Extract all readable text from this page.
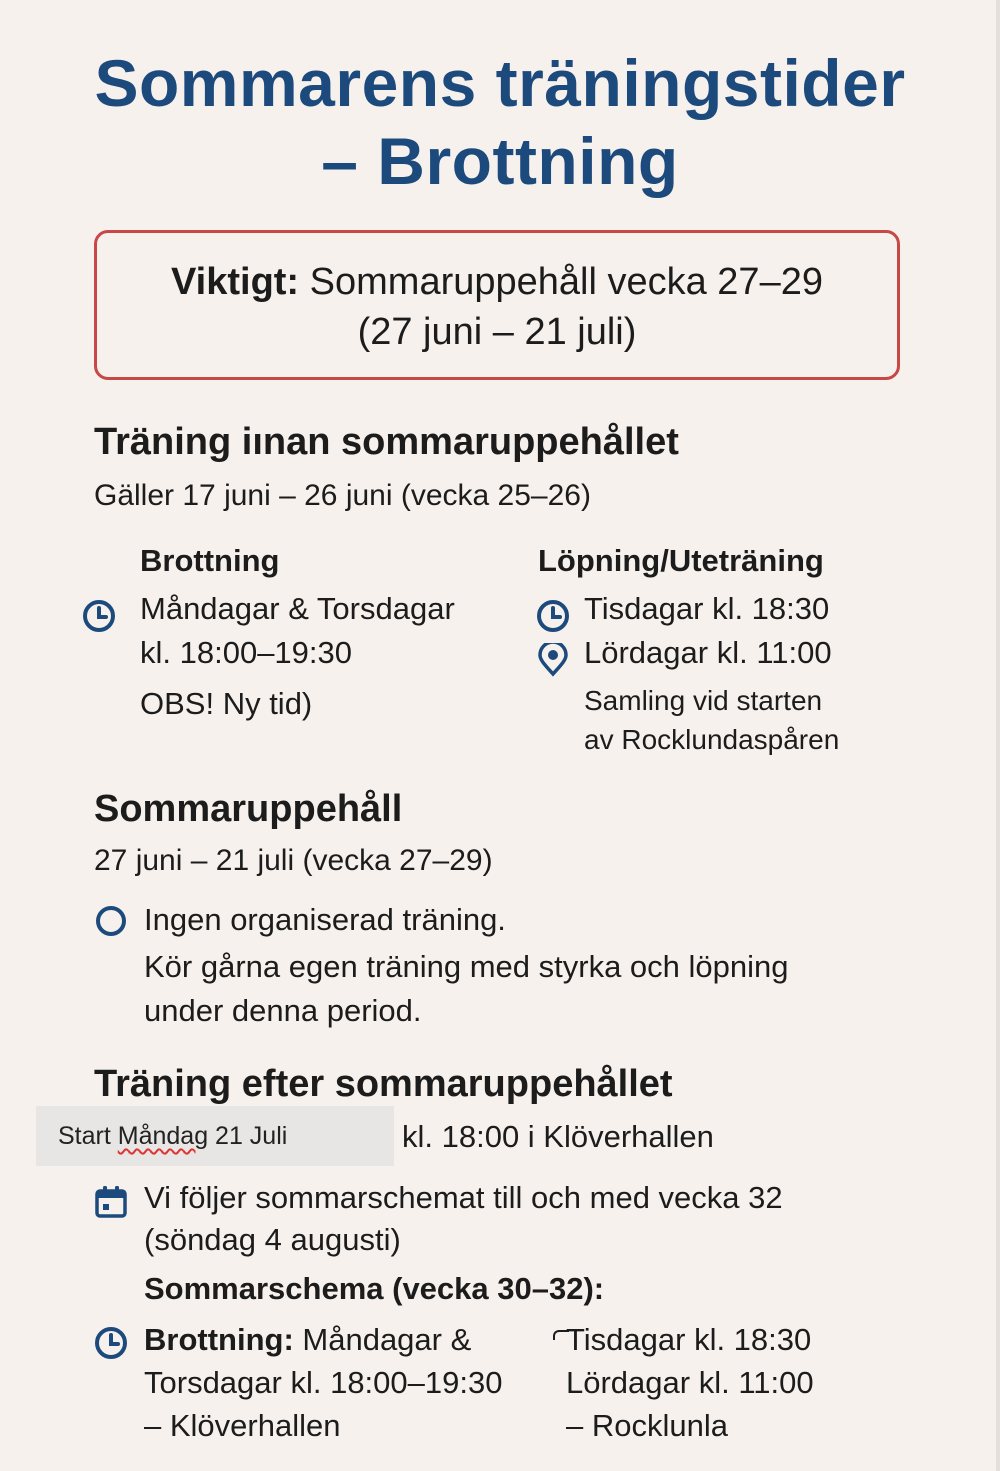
Sommarens träningstider
– Brottning
Viktigt: Sommaruppehåll vecka 27–29
(27 juni – 21 juli)
Träning iınan sommaruppehållet
Gäller 17 juni – 26 juni (vecka 25–26)
Brottning
Måndagar & Torsdagar
kl. 18:00–19:30
OBS! Ny tid)
Löpning/Uteträning
Tisdagar kl. 18:30
Lördagar kl. 11:00
Samling vid starten
av Rocklundaspåren
Sommaruppehåll
27 juni – 21 juli (vecka 27–29)
Ingen organiserad träning.
Kör gårna egen träning med styrka och löpning
under denna period.
Träning efter sommaruppehållet
Start Måndag 21 Juli	kl. 18:00 i Klöverhallen
Vi följer sommarschemat till och med vecka 32
(söndag 4 augusti)
Sommarschema (vecka 30–32):
Brottning: Måndagar &
Torsdagar kl. 18:00–19:30
– Klöverhallen
Tisdagar kl. 18:30
Lördagar kl. 11:00
– Rocklunla
